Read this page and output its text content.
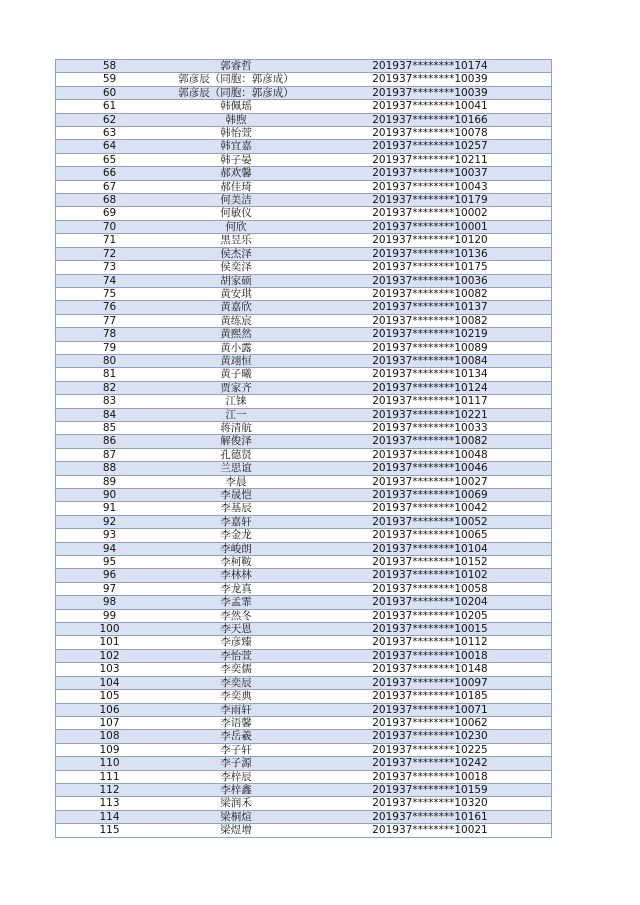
58	郭睿哲	201937********10174
59	郭彦辰（同胞：郭彦成）	201937********10039
60	郭彦辰（同胞：郭彦成）	201937********10039
61	韩佩瑶	201937********10041
62	韩煦	201937********10166
63	韩怡萱	201937********10078
64	韩宜嘉	201937********10257
65	韩子晏	201937********10211
66	郝欢馨	201937********10037
67	郝佳琦	201937********10043
68	何美洁	201937********10179
69	何敏仪	201937********10002
70	何欣	201937********10001
71	黑昱乐	201937********10120
72	侯杰泽	201937********10136
73	侯奕泽	201937********10175
74	胡家硕	201937********10036
75	黄安琪	201937********10082
76	黄嘉欣	201937********10137
77	黄练宸	201937********10082
78	黄熙然	201937********10219
79	黄小露	201937********10089
80	黄翊恒	201937********10084
81	黄子曦	201937********10134
82	贾家齐	201937********10124
83	江铼	201937********10117
84	江一	201937********10221
85	蒋清航	201937********10033
86	解俊泽	201937********10082
87	孔德贤	201937********10048
88	兰思谊	201937********10046
89	李晨	201937********10027
90	李晟恺	201937********10069
91	李基辰	201937********10042
92	李嘉轩	201937********10052
93	李金龙	201937********10065
94	李峻朗	201937********10104
95	李柯鞍	201937********10152
96	李林林	201937********10102
97	李龙真	201937********10058
98	李孟霏	201937********10204
99	李然冬	201937********10205
100	李天恩	201937********10015
101	李彦臻	201937********10112
102	李怡萱	201937********10018
103	李奕儒	201937********10148
104	李奕辰	201937********10097
105	李奕典	201937********10185
106	李雨轩	201937********10071
107	李语馨	201937********10062
108	李岳羲	201937********10230
109	李子轩	201937********10225
110	李子源	201937********10242
111	李梓辰	201937********10018
112	李梓鑫	201937********10159
113	梁润禾	201937********10320
114	梁桐煊	201937********10161
115	梁煜增	201937********10021
